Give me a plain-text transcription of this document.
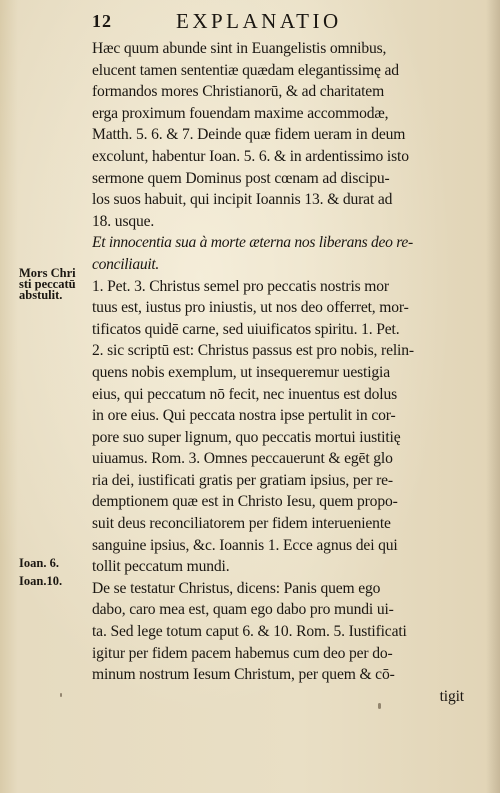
12	EXPLANATIO
Mors Chri
sti peccatū
abstulit.
Ioan. 6.
Ioan.10.
Hæc quum abunde sint in Euangelistis omnibus,
elucent tamen sententiæ quædam elegantissimę ad
formandos mores Christianorū, & ad charitatem
erga proximum fouendam maxime accommodæ,
Matth. 5. 6. & 7. Deinde quæ fidem ueram in deum
excolunt, habentur Ioan. 5. 6. & in ardentissimo isto
sermone quem Dominus post cœnam ad discipu-
los suos habuit, qui incipit Ioannis 13. & durat ad
18. usque.
Et innocentia sua à morte æterna nos liberans deo re-
conciliauit.
1. Pet. 3. Christus semel pro peccatis nostris mor
tuus est, iustus pro iniustis, ut nos deo offerret, mor-
tificatos quidē carne, sed uiuificatos spiritu. 1. Pet.
2. sic scriptū est: Christus passus est pro nobis, relin-
quens nobis exemplum, ut insequeremur uestigia
eius, qui peccatum nō fecit, nec inuentus est dolus
in ore eius. Qui peccata nostra ipse pertulit in cor-
pore suo super lignum, quo peccatis mortui iustitię
uiuamus. Rom. 3. Omnes peccauerunt & egēt glo
ria dei, iustificati gratis per gratiam ipsius, per re-
demptionem quæ est in Christo Iesu, quem propo-
suit deus reconciliatorem per fidem interueniente
sanguine ipsius, &c. Ioannis 1. Ecce agnus dei qui
tollit peccatum mundi.
De se testatur Christus, dicens: Panis quem ego
dabo, caro mea est, quam ego dabo pro mundi ui-
ta. Sed lege totum caput 6. & 10. Rom. 5. Iustificati
igitur per fidem pacem habemus cum deo per do-
minum nostrum Iesum Christum, per quem & cō-
tigit
